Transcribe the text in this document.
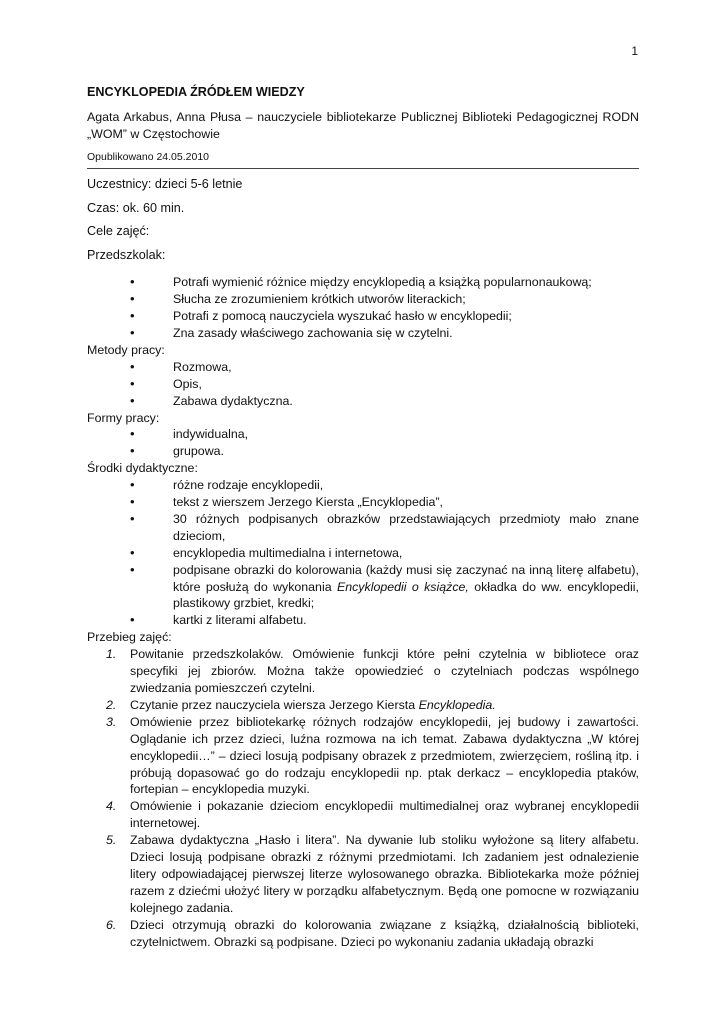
1
ENCYKLOPEDIA ŹRÓDŁEM WIEDZY
Agata Arkabus, Anna Płusa – nauczyciele bibliotekarze Publicznej Biblioteki Pedagogicznej RODN „WOM” w Częstochowie
Opublikowano 24.05.2010
Uczestnicy: dzieci 5-6 letnie
Czas: ok. 60 min.
Cele zajęć:
Przedszkolak:
• Potrafi wymienić różnice między encyklopedią a książką popularnonaukową;
• Słucha ze zrozumieniem krótkich utworów literackich;
• Potrafi z pomocą nauczyciela wyszukać hasło w encyklopedii;
• Zna zasady właściwego zachowania się w czytelni.
Metody pracy:
• Rozmowa,
• Opis,
• Zabawa dydaktyczna.
Formy pracy:
• indywidualna,
• grupowa.
Środki dydaktyczne:
• różne rodzaje encyklopedii,
• tekst z wierszem Jerzego Kiersta „Encyklopedia”,
• 30 różnych podpisanych obrazków przedstawiających przedmioty mało znane dzieciom,
• encyklopedia multimedialna i internetowa,
• podpisane obrazki do kolorowania (każdy musi się zaczynać na inną literę alfabetu), które posłużą do wykonania Encyklopedii o książce, okładka do ww. encyklopedii, plastikowy grzbiet, kredki;
• kartki z literami alfabetu.
Przebieg zajęć:
1. Powitanie przedszkolaków. Omówienie funkcji które pełni czytelnia w bibliotece oraz specyfiki jej zbiorów. Można także opowiedzieć o czytelniach podczas wspólnego zwiedzania pomieszczeń czytelni.
2. Czytanie przez nauczyciela wiersza Jerzego Kiersta Encyklopedia.
3. Omówienie przez bibliotekarkę różnych rodzajów encyklopedii, jej budowy i zawartości. Oglądanie ich przez dzieci, luźna rozmowa na ich temat. Zabawa dydaktyczna „W której encyklopedii…” – dzieci losują podpisany obrazek z przedmiotem, zwierzęciem, rośliną itp. i próbują dopasować go do rodzaju encyklopedii np. ptak derkacz – encyklopedia ptaków, fortepian – encyklopedia muzyki.
4. Omówienie i pokazanie dzieciom encyklopedii multimedialnej oraz wybranej encyklopedii internetowej.
5. Zabawa dydaktyczna „Hasło i litera”. Na dywanie lub stoliku wyłożone są litery alfabetu. Dzieci losują podpisane obrazki z różnymi przedmiotami. Ich zadaniem jest odnalezienie litery odpowiadającej pierwszej literze wylosowanego obrazka. Bibliotekarka może później razem z dziećmi ułożyć litery w porządku alfabetycznym. Będą one pomocne w rozwiązaniu kolejnego zadania.
6. Dzieci otrzymują obrazki do kolorowania związane z książką, działalnością biblioteki, czytelnictwem. Obrazki są podpisane. Dzieci po wykonaniu zadania układają obrazki
